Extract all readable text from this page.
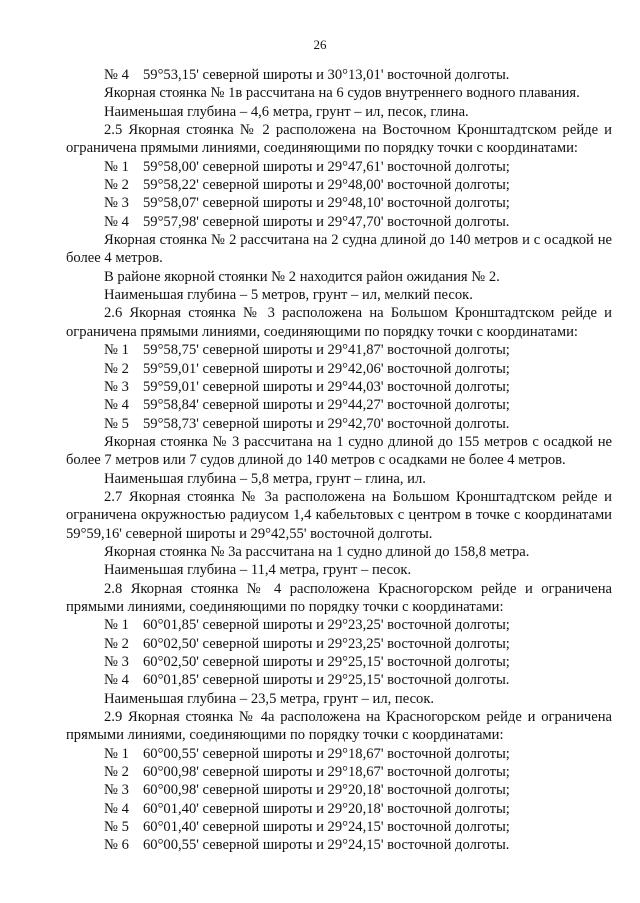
26

№ 4 59°53,15' северной широты и 30°13,01' восточной долготы.

Якорная стоянка № 1в рассчитана на 6 судов внутреннего водного плавания.

Наименьшая глубина – 4,6 метра, грунт – ил, песок, глина.

2.5 Якорная стоянка № 2 расположена на Восточном Кронштадтском рейде и ограничена прямыми линиями, соединяющими по порядку точки с координатами:

№ 1 59°58,00' северной широты и 29°47,61' восточной долготы;

№ 2 59°58,22' северной широты и 29°48,00' восточной долготы;

№ 3 59°58,07' северной широты и 29°48,10' восточной долготы;

№ 4 59°57,98' северной широты и 29°47,70' восточной долготы.

Якорная стоянка № 2 рассчитана на 2 судна длиной до 140 метров и с осадкой не более 4 метров.

В районе якорной стоянки № 2 находится район ожидания № 2.

Наименьшая глубина – 5 метров, грунт – ил, мелкий песок.

2.6 Якорная стоянка № 3 расположена на Большом Кронштадтском рейде и ограничена прямыми линиями, соединяющими по порядку точки с координатами:

№ 1 59°58,75' северной широты и 29°41,87' восточной долготы;

№ 2 59°59,01' северной широты и 29°42,06' восточной долготы;

№ 3 59°59,01' северной широты и 29°44,03' восточной долготы;

№ 4 59°58,84' северной широты и 29°44,27' восточной долготы;

№ 5 59°58,73' северной широты и 29°42,70' восточной долготы.

Якорная стоянка № 3 рассчитана на 1 судно длиной до 155 метров с осадкой не более 7 метров или 7 судов длиной до 140 метров с осадками не более 4 метров.

Наименьшая глубина – 5,8 метра, грунт – глина, ил.

2.7 Якорная стоянка № 3а расположена на Большом Кронштадтском рейде и ограничена окружностью радиусом 1,4 кабельтовых с центром в точке с координатами 59°59,16' северной широты и 29°42,55' восточной долготы.

Якорная стоянка № 3а рассчитана на 1 судно длиной до 158,8 метра.

Наименьшая глубина – 11,4 метра, грунт – песок.

2.8 Якорная стоянка № 4 расположена Красногорском рейде и ограничена прямыми линиями, соединяющими по порядку точки с координатами:

№ 1 60°01,85' северной широты и 29°23,25' восточной долготы;

№ 2 60°02,50' северной широты и 29°23,25' восточной долготы;

№ 3 60°02,50' северной широты и 29°25,15' восточной долготы;

№ 4 60°01,85' северной широты и 29°25,15' восточной долготы.

Наименьшая глубина – 23,5 метра, грунт – ил, песок.

2.9 Якорная стоянка № 4а расположена на Красногорском рейде и ограничена прямыми линиями, соединяющими по порядку точки с координатами:

№ 1 60°00,55' северной широты и 29°18,67' восточной долготы;

№ 2 60°00,98' северной широты и 29°18,67' восточной долготы;

№ 3 60°00,98' северной широты и 29°20,18' восточной долготы;

№ 4 60°01,40' северной широты и 29°20,18' восточной долготы;

№ 5 60°01,40' северной широты и 29°24,15' восточной долготы;

№ 6 60°00,55' северной широты и 29°24,15' восточной долготы.
